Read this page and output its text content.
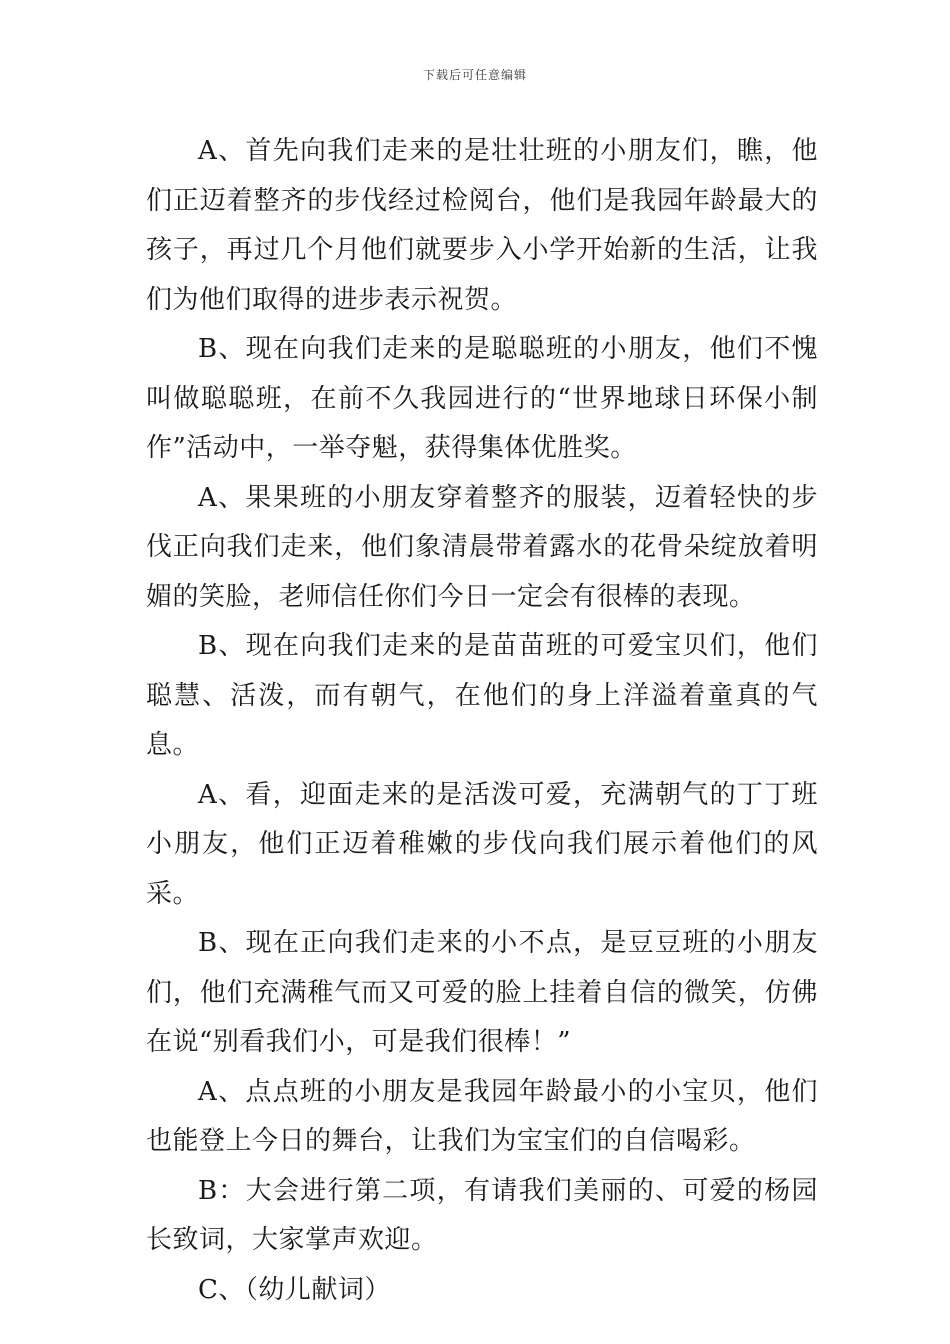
下载后可任意编辑

A、首先向我们走来的是壮壮班的小朋友们，瞧，他们正迈着整齐的步伐经过检阅台，他们是我园年龄最大的孩子，再过几个月他们就要步入小学开始新的生活，让我们为他们取得的进步表示祝贺。

B、现在向我们走来的是聪聪班的小朋友，他们不愧叫做聪聪班，在前不久我园进行的“世界地球日环保小制作”活动中，一举夺魁，获得集体优胜奖。

A、果果班的小朋友穿着整齐的服装，迈着轻快的步伐正向我们走来，他们象清晨带着露水的花骨朵绽放着明媚的笑脸，老师信任你们今日一定会有很棒的表现。

B、现在向我们走来的是苗苗班的可爱宝贝们，他们聪慧、活泼，而有朝气，在他们的身上洋溢着童真的气息。

A、看，迎面走来的是活泼可爱，充满朝气的丁丁班小朋友，他们正迈着稚嫩的步伐向我们展示着他们的风采。

B、现在正向我们走来的小不点，是豆豆班的小朋友们，他们充满稚气而又可爱的脸上挂着自信的微笑，仿佛在说“别看我们小，可是我们很棒！”

A、点点班的小朋友是我园年龄最小的小宝贝，他们也能登上今日的舞台，让我们为宝宝们的自信喝彩。

B：大会进行第二项，有请我们美丽的、可爱的杨园长致词，大家掌声欢迎。

C、（幼儿献词）
